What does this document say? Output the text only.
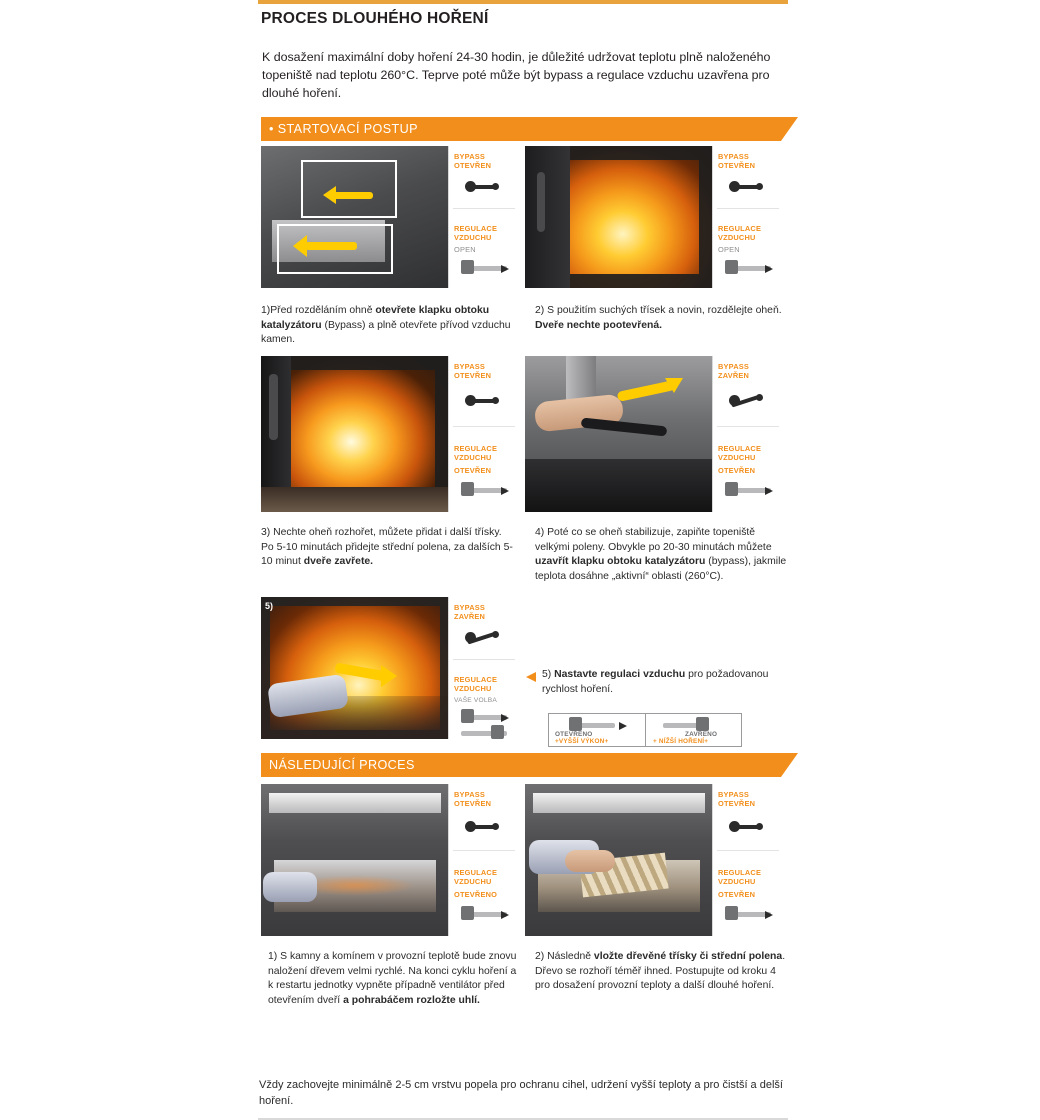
PROCES DLOUHÉHO HOŘENÍ
K dosažení maximální doby hoření 24-30 hodin, je důležité udržovat teplotu plně naloženého topeniště nad teplotu 260°C. Teprve poté může být bypass a regulace vzduchu uzavřena pro dlouhé hoření.
• STARTOVACÍ POSTUP
BYPASS
OTEVŘEN
REGULACE
VZDUCHU
OPEN
BYPASS
OTEVŘEN
REGULACE
VZDUCHU
OPEN
1)Před rozděláním ohně otevřete klapku obtoku katalyzátoru (Bypass) a plně otevřete přívod vzduchu kamen.
2) S použitím suchých třísek a novin, rozdělejte oheň. Dveře nechte pootevřená.
BYPASS
OTEVŘEN
REGULACE
VZDUCHU
OTEVŘEN
BYPASS
ZAVŘEN
REGULACE
VZDUCHU
OTEVŘEN
3) Nechte oheň rozhořet, můžete přidat i další třísky. Po 5-10 minutách přidejte střední polena, za dalších 5-10 minut dveře zavřete.
4) Poté co se oheň stabilizuje, zapiňte topeniště velkými poleny. Obvykle po 20-30 minutách můžete uzavřít klapku obtoku katalyzátoru (bypass), jakmile teplota dosáhne „aktivní“ oblasti (260°C).
5)	BYPASS
ZAVŘEN
REGULACE
VZDUCHU
VAŠE VOLBA
5) Nastavte regulaci vzduchu pro požadovanou rychlost hoření.
OTEVŘENO
+VYŠŠÍ VÝKON+
ZAVŘENO
+ NÍŽŠÍ HOŘENÍ+
NÁSLEDUJÍCÍ PROCES
BYPASS
OTEVŘEN
REGULACE
VZDUCHU
OTEVŘENO
BYPASS
OTEVŘEN
REGULACE
VZDUCHU
OTEVŘEN
1) S kamny a komínem v provozní teplotě bude znovu naložení dřevem velmi rychlé. Na konci cyklu hoření a k restartu jednotky vypněte případně ventilátor před otevřením dveří a pohrabáčem rozložte uhlí.
2) Následně vložte dřevěné třísky či střední polena. Dřevo se rozhoří téměř ihned. Postupujte od kroku 4 pro dosažení provozní teploty a další dlouhé hoření.
Vždy zachovejte minimálně 2-5 cm vrstvu popela pro ochranu cihel, udržení vyšší teploty a pro čistší a delší hoření.
